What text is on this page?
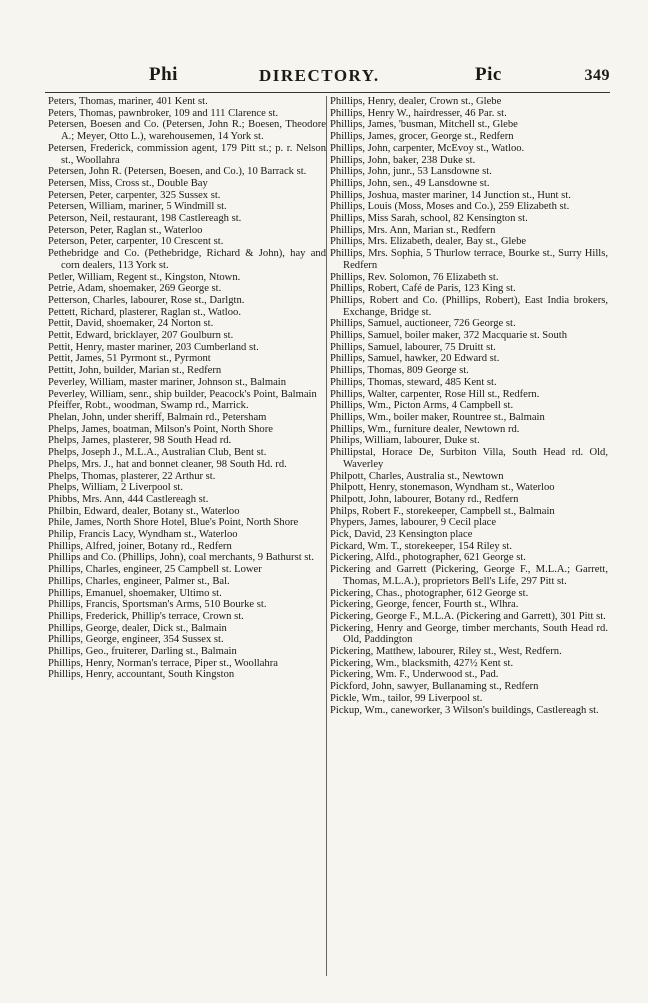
Phi	DIRECTORY.	Pic	349
Peters, Thomas, mariner, 401 Kent st.
Peters, Thomas, pawnbroker, 109 and 111 Clarence st.
Petersen, Boesen and Co. (Petersen, John R.; Boesen, Theodore A.; Meyer, Otto L.), warehousemen, 14 York st.
Petersen, Frederick, commission agent, 179 Pitt st.; p. r. Nelson st., Woollahra
Petersen, John R. (Petersen, Boesen, and Co.), 10 Barrack st.
Petersen, Miss, Cross st., Double Bay
Petersen, Peter, carpenter, 325 Sussex st.
Petersen, William, mariner, 5 Windmill st.
Peterson, Neil, restaurant, 198 Castlereagh st.
Peterson, Peter, Raglan st., Waterloo
Peterson, Peter, carpenter, 10 Crescent st.
Pethebridge and Co. (Pethebridge, Richard & John), hay and corn dealers, 113 York st.
Petler, William, Regent st., Kingston, Ntown.
Petrie, Adam, shoemaker, 269 George st.
Petterson, Charles, labourer, Rose st., Darlgtn.
Pettett, Richard, plasterer, Raglan st., Watloo.
Pettit, David, shoemaker, 24 Norton st.
Pettit, Edward, bricklayer, 207 Goulburn st.
Pettit, Henry, master mariner, 203 Cumberland st.
Pettit, James, 51 Pyrmont st., Pyrmont
Pettitt, John, builder, Marian st., Redfern
Peverley, William, master mariner, Johnson st., Balmain
Peverley, William, senr., ship builder, Peacock's Point, Balmain
Pfeiffer, Robt., woodman, Swamp rd., Marrick.
Phelan, John, under sheriff, Balmain rd., Petersham
Phelps, James, boatman, Milson's Point, North Shore
Phelps, James, plasterer, 98 South Head rd.
Phelps, Joseph J., M.L.A., Australian Club, Bent st.
Phelps, Mrs. J., hat and bonnet cleaner, 98 South Hd. rd.
Phelps, Thomas, plasterer, 22 Arthur st.
Phelps, William, 2 Liverpool st.
Phibbs, Mrs. Ann, 444 Castlereagh st.
Philbin, Edward, dealer, Botany st., Waterloo
Phile, James, North Shore Hotel, Blue's Point, North Shore
Philip, Francis Lacy, Wyndham st., Waterloo
Phillips, Alfred, joiner, Botany rd., Redfern
Phillips and Co. (Phillips, John), coal merchants, 9 Bathurst st.
Phillips, Charles, engineer, 25 Campbell st. Lower
Phillips, Charles, engineer, Palmer st., Bal.
Phillips, Emanuel, shoemaker, Ultimo st.
Phillips, Francis, Sportsman's Arms, 510 Bourke st.
Phillips, Frederick, Phillip's terrace, Crown st.
Phillips, George, dealer, Dick st., Balmain
Phillips, George, engineer, 354 Sussex st.
Phillips, Geo., fruiterer, Darling st., Balmain
Phillips, Henry, Norman's terrace, Piper st., Woollahra
Phillips, Henry, accountant, South Kingston
Phillips, Henry, dealer, Crown st., Glebe
Phillips, Henry W., hairdresser, 46 Par. st.
Phillips, James, 'busman, Mitchell st., Glebe
Phillips, James, grocer, George st., Redfern
Phillips, John, carpenter, McEvoy st., Watloo.
Phillips, John, baker, 238 Duke st.
Phillips, John, junr., 53 Lansdowne st.
Phillips, John, sen., 49 Lansdowne st.
Phillips, Joshua, master mariner, 14 Junction st., Hunt st.
Phillips, Louis (Moss, Moses and Co.), 259 Elizabeth st.
Phillips, Miss Sarah, school, 82 Kensington st.
Phillips, Mrs. Ann, Marian st., Redfern
Phillips, Mrs. Elizabeth, dealer, Bay st., Glebe
Phillips, Mrs. Sophia, 5 Thurlow terrace, Bourke st., Surry Hills, Redfern
Phillips, Rev. Solomon, 76 Elizabeth st.
Phillips, Robert, Café de Paris, 123 King st.
Phillips, Robert and Co. (Phillips, Robert), East India brokers, Exchange, Bridge st.
Phillips, Samuel, auctioneer, 726 George st.
Phillips, Samuel, boiler maker, 372 Macquarie st. South
Phillips, Samuel, labourer, 75 Druitt st.
Phillips, Samuel, hawker, 20 Edward st.
Phillips, Thomas, 809 George st.
Phillips, Thomas, steward, 485 Kent st.
Phillips, Walter, carpenter, Rose Hill st., Redfern.
Phillips, Wm., Picton Arms, 4 Campbell st.
Phillips, Wm., boiler maker, Rountree st., Balmain
Phillips, Wm., furniture dealer, Newtown rd.
Philips, William, labourer, Duke st.
Phillipstal, Horace De, Surbiton Villa, South Head rd. Old, Waverley
Philpott, Charles, Australia st., Newtown
Philpott, Henry, stonemason, Wyndham st., Waterloo
Philpott, John, labourer, Botany rd., Redfern
Philps, Robert F., storekeeper, Campbell st., Balmain
Phypers, James, labourer, 9 Cecil place
Pick, David, 23 Kensington place
Pickard, Wm. T., storekeeper, 154 Riley st.
Pickering, Alfd., photographer, 621 George st.
Pickering and Garrett (Pickering, George F., M.L.A.; Garrett, Thomas, M.L.A.), proprietors Bell's Life, 297 Pitt st.
Pickering, Chas., photographer, 612 George st.
Pickering, George, fencer, Fourth st., Wlhra.
Pickering, George F., M.L.A. (Pickering and Garrett), 301 Pitt st.
Pickering, Henry and George, timber merchants, South Head rd. Old, Paddington
Pickering, Matthew, labourer, Riley st., West, Redfern.
Pickering, Wm., blacksmith, 427½ Kent st.
Pickering, Wm. F., Underwood st., Pad.
Pickford, John, sawyer, Bullanaming st., Redfern
Pickle, Wm., tailor, 99 Liverpool st.
Pickup, Wm., caneworker, 3 Wilson's buildings, Castlereagh st.
